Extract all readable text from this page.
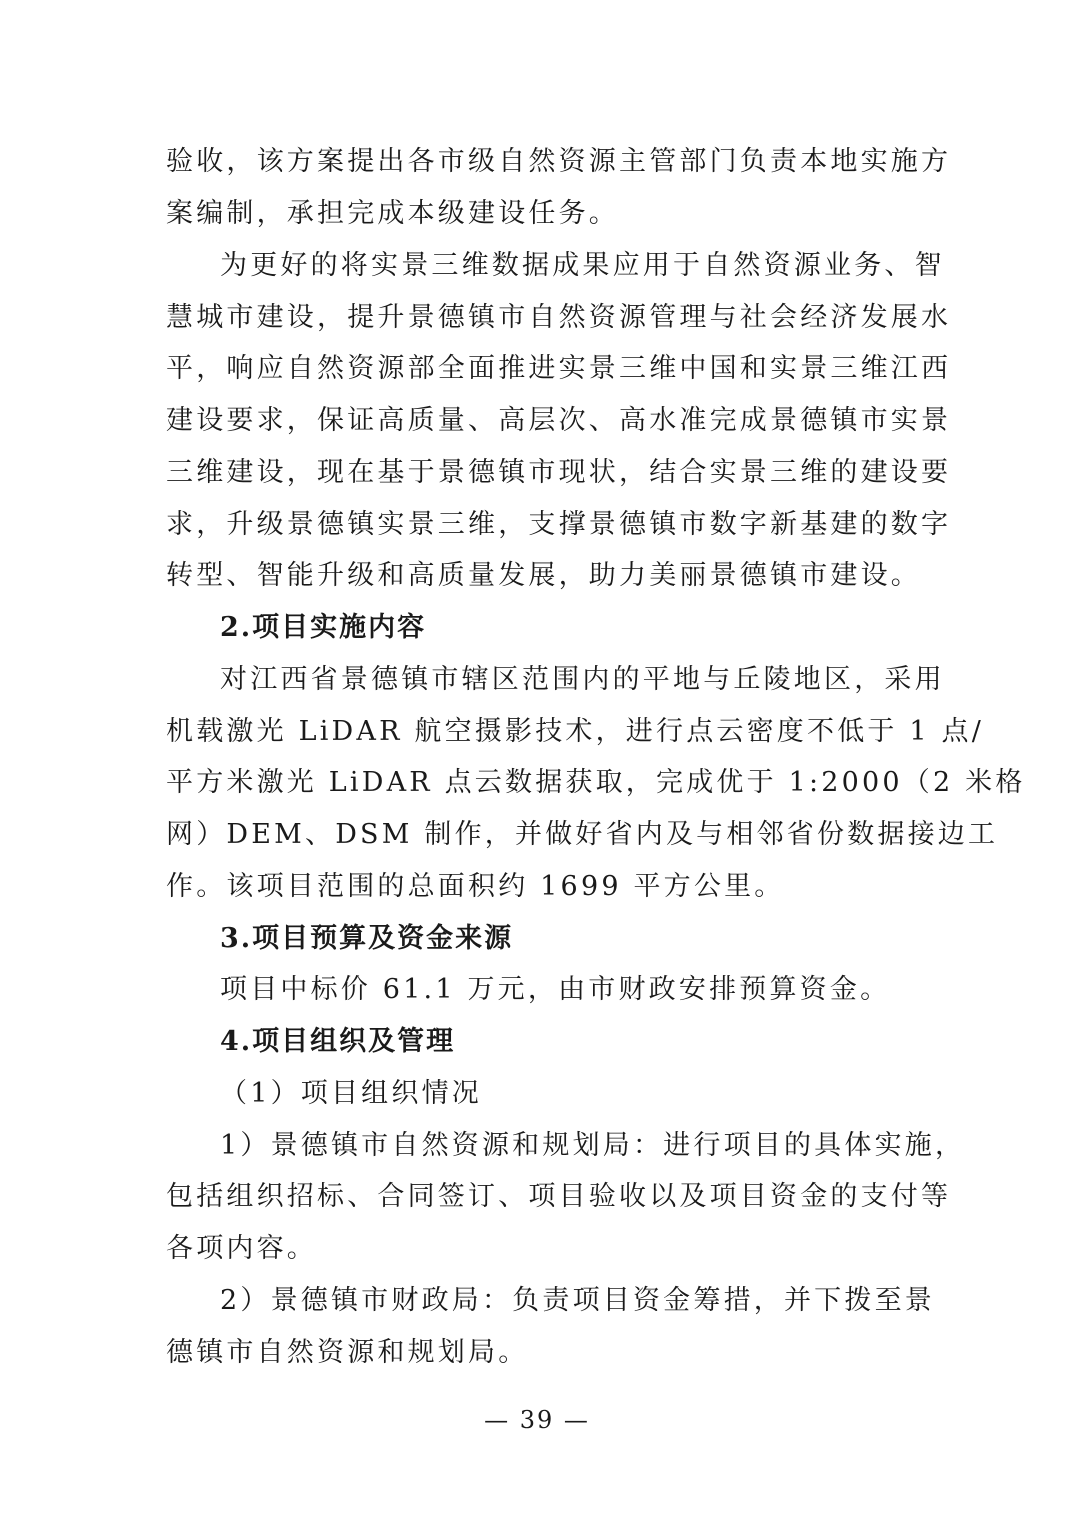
验收，该方案提出各市级自然资源主管部门负责本地实施方
案编制，承担完成本级建设任务。
为更好的将实景三维数据成果应用于自然资源业务、智
慧城市建设，提升景德镇市自然资源管理与社会经济发展水
平，响应自然资源部全面推进实景三维中国和实景三维江西
建设要求，保证高质量、高层次、高水准完成景德镇市实景
三维建设，现在基于景德镇市现状，结合实景三维的建设要
求，升级景德镇实景三维，支撑景德镇市数字新基建的数字
转型、智能升级和高质量发展，助力美丽景德镇市建设。
2.项目实施内容
对江西省景德镇市辖区范围内的平地与丘陵地区，采用
机载激光 LiDAR 航空摄影技术，进行点云密度不低于 1 点/
平方米激光 LiDAR 点云数据获取，完成优于 1:2000（2 米格
网）DEM、DSM 制作，并做好省内及与相邻省份数据接边工
作。该项目范围的总面积约 1699 平方公里。
3.项目预算及资金来源
项目中标价 61.1 万元，由市财政安排预算资金。
4.项目组织及管理
（1）项目组织情况
1）景德镇市自然资源和规划局：进行项目的具体实施，
包括组织招标、合同签订、项目验收以及项目资金的支付等
各项内容。
2）景德镇市财政局：负责项目资金筹措，并下拨至景
德镇市自然资源和规划局。
— 39 —
